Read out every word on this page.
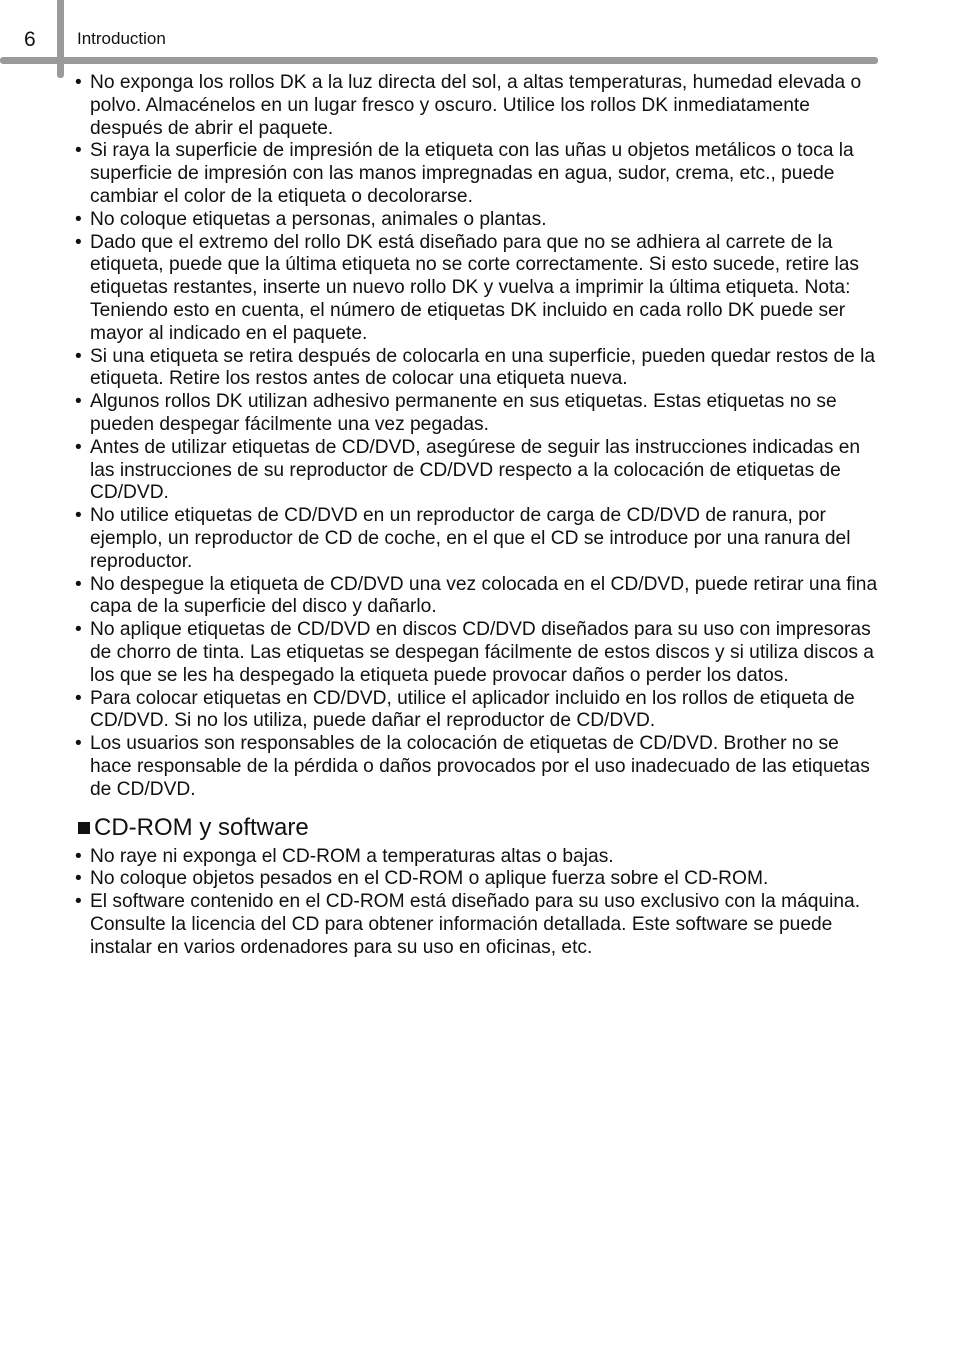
6 Introduction
• No exponga los rollos DK a la luz directa del sol, a altas temperaturas, humedad elevada o polvo. Almacénelos en un lugar fresco y oscuro. Utilice los rollos DK inmediatamente después de abrir el paquete.
• Si raya la superficie de impresión de la etiqueta con las uñas u objetos metálicos o toca la superficie de impresión con las manos impregnadas en agua, sudor, crema, etc., puede cambiar el color de la etiqueta o decolorarse.
• No coloque etiquetas a personas, animales o plantas.
• Dado que el extremo del rollo DK está diseñado para que no se adhiera al carrete de la etiqueta, puede que la última etiqueta no se corte correctamente. Si esto sucede, retire las etiquetas restantes, inserte un nuevo rollo DK y vuelva a imprimir la última etiqueta. Nota: Teniendo esto en cuenta, el número de etiquetas DK incluido en cada rollo DK puede ser mayor al indicado en el paquete.
• Si una etiqueta se retira después de colocarla en una superficie, pueden quedar restos de la etiqueta. Retire los restos antes de colocar una etiqueta nueva.
• Algunos rollos DK utilizan adhesivo permanente en sus etiquetas. Estas etiquetas no se pueden despegar fácilmente una vez pegadas.
• Antes de utilizar etiquetas de CD/DVD, asegúrese de seguir las instrucciones indicadas en las instrucciones de su reproductor de CD/DVD respecto a la colocación de etiquetas de CD/DVD.
• No utilice etiquetas de CD/DVD en un reproductor de carga de CD/DVD de ranura, por ejemplo, un reproductor de CD de coche, en el que el CD se introduce por una ranura del reproductor.
• No despegue la etiqueta de CD/DVD una vez colocada en el CD/DVD, puede retirar una fina capa de la superficie del disco y dañarlo.
• No aplique etiquetas de CD/DVD en discos CD/DVD diseñados para su uso con impresoras de chorro de tinta. Las etiquetas se despegan fácilmente de estos discos y si utiliza discos a los que se les ha despegado la etiqueta puede provocar daños o perder los datos.
• Para colocar etiquetas en CD/DVD, utilice el aplicador incluido en los rollos de etiqueta de CD/DVD. Si no los utiliza, puede dañar el reproductor de CD/DVD.
• Los usuarios son responsables de la colocación de etiquetas de CD/DVD. Brother no se hace responsable de la pérdida o daños provocados por el uso inadecuado de las etiquetas de CD/DVD.
CD-ROM y software
• No raye ni exponga el CD-ROM a temperaturas altas o bajas.
• No coloque objetos pesados en el CD-ROM o aplique fuerza sobre el CD-ROM.
• El software contenido en el CD-ROM está diseñado para su uso exclusivo con la máquina. Consulte la licencia del CD para obtener información detallada. Este software se puede instalar en varios ordenadores para su uso en oficinas, etc.
